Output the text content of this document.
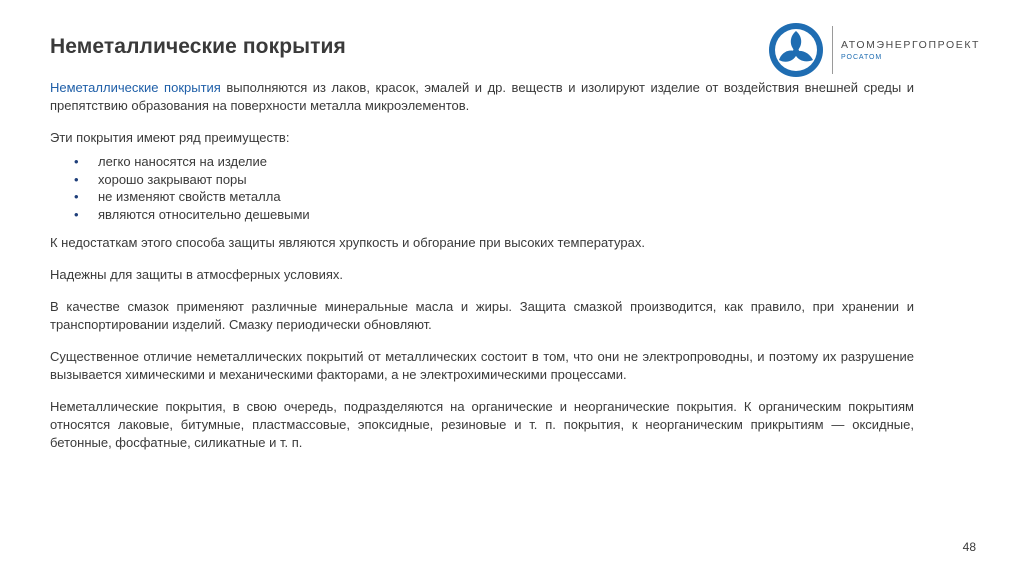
Неметаллические покрытия	АТОМЭНЕРГОПРОЕКТ
РОСАТОМ

Неметаллические покрытия выполняются из лаков, красок, эмалей и др. веществ и изолируют изделие от воздействия внешней среды и препятствию образования на поверхности металла микроэлементов.

Эти покрытия имеют ряд преимуществ:

• легко наносятся на изделие
• хорошо закрывают поры
• не изменяют свойств металла
• являются относительно дешевыми

К недостаткам этого способа защиты являются хрупкость и обгорание при высоких температурах.

Надежны для защиты в атмосферных условиях.

В качестве смазок применяют различные минеральные масла и жиры. Защита смазкой производится, как правило, при хранении и транспортировании изделий. Смазку периодически обновляют.

Существенное отличие неметаллических покрытий от металлических состоит в том, что они не электропроводны, и поэтому их разрушение вызывается химическими и механическими факторами, а не электрохимическими процессами.

Неметаллические покрытия, в свою очередь, подразделяются на органические и неорганические покрытия. К органическим покрытиям относятся лаковые, битумные, пластмассовые, эпоксидные, резиновые и т. п. покрытия, к неорганическим прикрытиям — оксидные, бетонные, фосфатные, силикатные и т. п.

48
